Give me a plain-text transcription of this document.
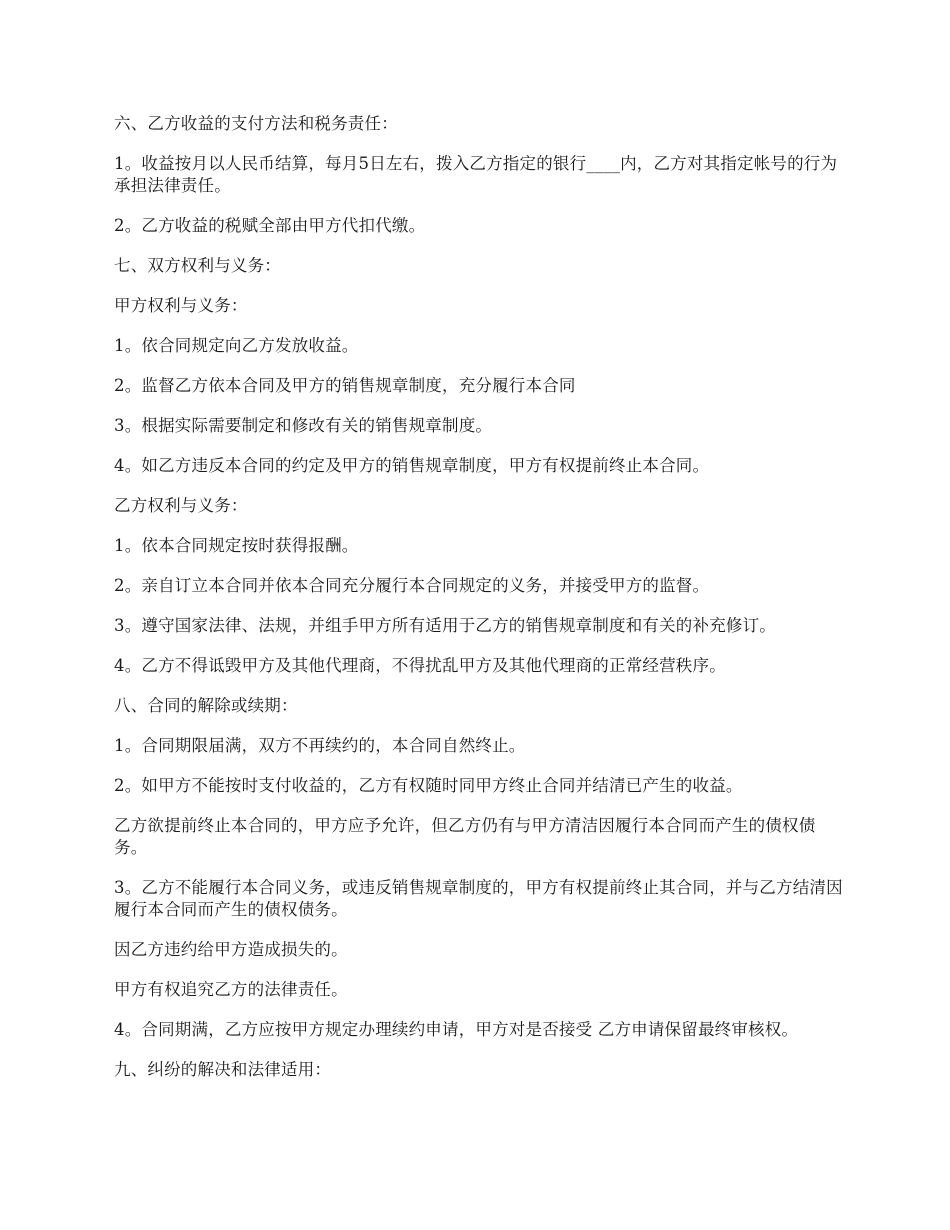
六、乙方收益的支付方法和税务责任：

1。收益按月以人民币结算，每月5日左右，拨入乙方指定的银行____内，乙方对其指定帐号的行为承担法律责任。

2。乙方收益的税赋全部由甲方代扣代缴。

七、双方权利与义务：

甲方权利与义务：

1。依合同规定向乙方发放收益。

2。监督乙方依本合同及甲方的销售规章制度，充分履行本合同

3。根据实际需要制定和修改有关的销售规章制度。

4。如乙方违反本合同的约定及甲方的销售规章制度，甲方有权提前终止本合同。

乙方权利与义务：

1。依本合同规定按时获得报酬。

2。亲自订立本合同并依本合同充分履行本合同规定的义务，并接受甲方的监督。

3。遵守国家法律、法规，并组手甲方所有适用于乙方的销售规章制度和有关的补充修订。

4。乙方不得诋毁甲方及其他代理商，不得扰乱甲方及其他代理商的正常经营秩序。

八、合同的解除或续期：

1。合同期限届满，双方不再续约的，本合同自然终止。

2。如甲方不能按时支付收益的，乙方有权随时同甲方终止合同并结清已产生的收益。

乙方欲提前终止本合同的，甲方应予允许，但乙方仍有与甲方清洁因履行本合同而产生的债权债务。

3。乙方不能履行本合同义务，或违反销售规章制度的，甲方有权提前终止其合同，并与乙方结清因履行本合同而产生的债权债务。

因乙方违约给甲方造成损失的。

甲方有权追究乙方的法律责任。

4。合同期满，乙方应按甲方规定办理续约申请，甲方对是否接受 乙方申请保留最终审核权。

九、纠纷的解决和法律适用：
